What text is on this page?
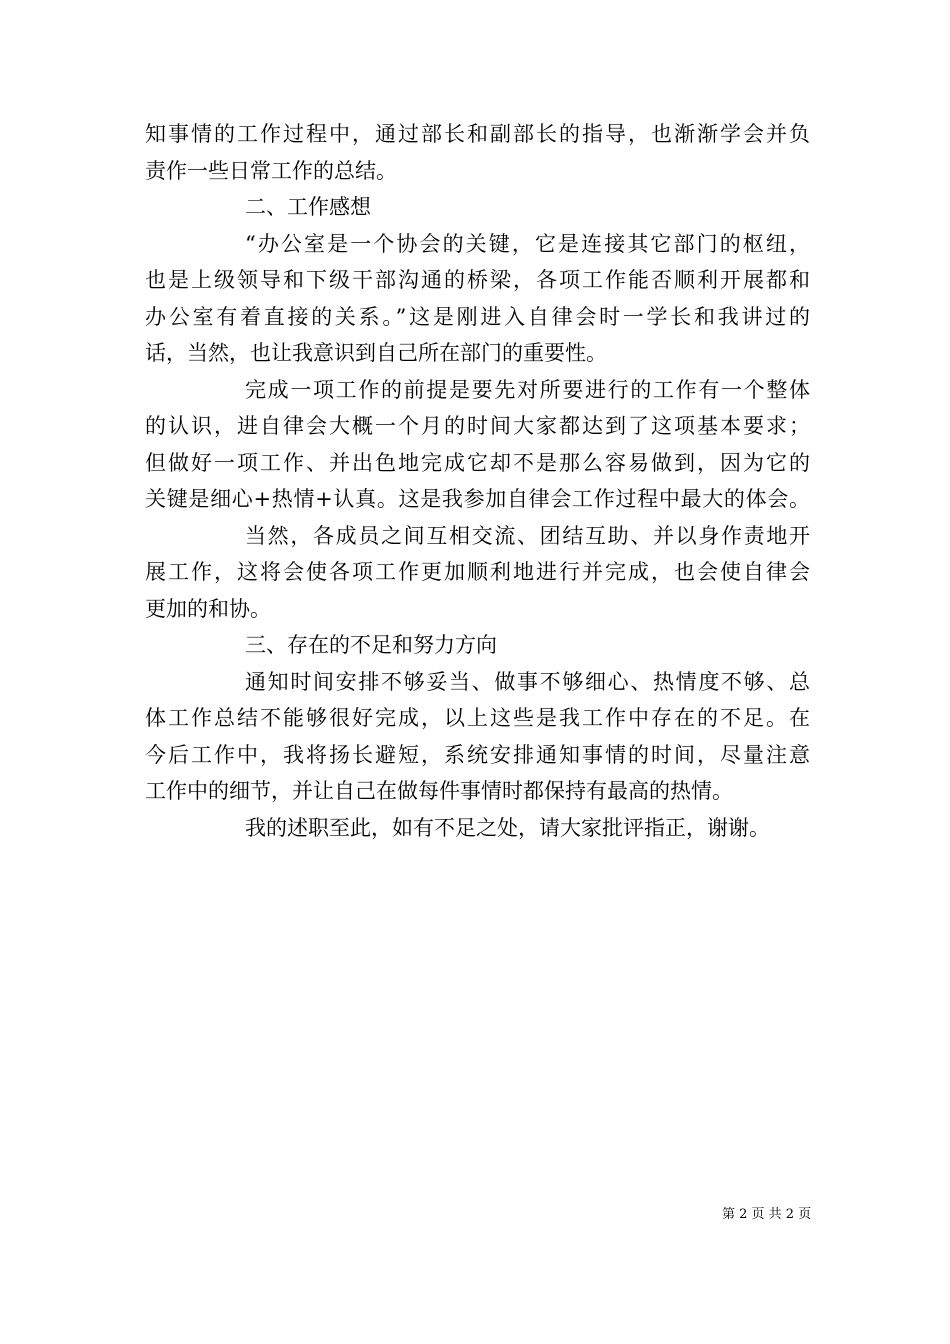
知事情的工作过程中，通过部长和副部长的指导，也渐渐学会并负
责作一些日常工作的总结。
二、工作感想
“办公室是一个协会的关键，它是连接其它部门的枢纽，
也是上级领导和下级干部沟通的桥梁，各项工作能否顺利开展都和
办公室有着直接的关系。”这是刚进入自律会时一学长和我讲过的
话，当然，也让我意识到自己所在部门的重要性。
完成一项工作的前提是要先对所要进行的工作有一个整体
的认识，进自律会大概一个月的时间大家都达到了这项基本要求；
但做好一项工作、并出色地完成它却不是那么容易做到，因为它的
关键是细心+热情+认真。这是我参加自律会工作过程中最大的体会。
当然，各成员之间互相交流、团结互助、并以身作责地开
展工作，这将会使各项工作更加顺利地进行并完成，也会使自律会
更加的和协。
三、存在的不足和努力方向
通知时间安排不够妥当、做事不够细心、热情度不够、总
体工作总结不能够很好完成，以上这些是我工作中存在的不足。在
今后工作中，我将扬长避短，系统安排通知事情的时间，尽量注意
工作中的细节，并让自己在做每件事情时都保持有最高的热情。
我的述职至此，如有不足之处，请大家批评指正，谢谢。
第 2 页 共 2 页
